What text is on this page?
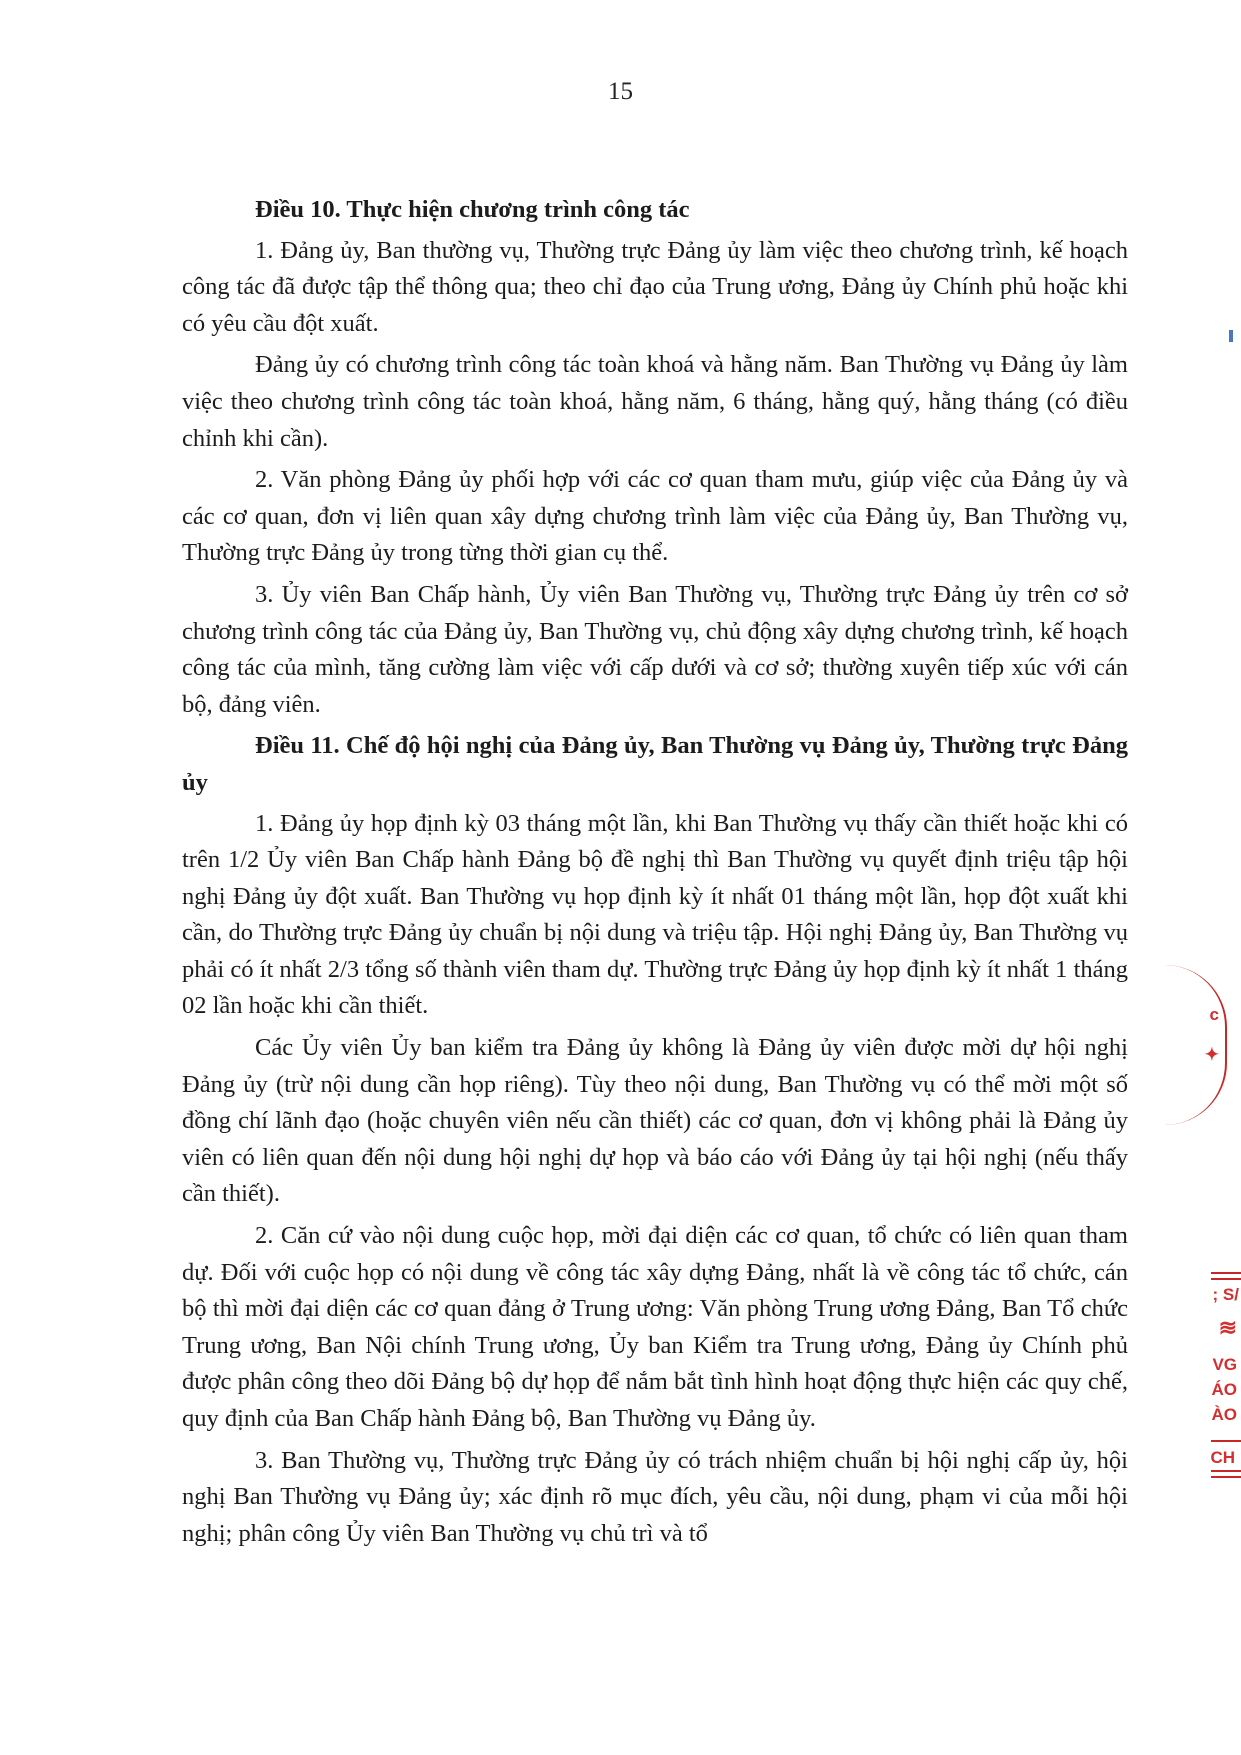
15

Điều 10. Thực hiện chương trình công tác

1. Đảng ủy, Ban thường vụ, Thường trực Đảng ủy làm việc theo chương trình, kế hoạch công tác đã được tập thể thông qua; theo chỉ đạo của Trung ương, Đảng ủy Chính phủ hoặc khi có yêu cầu đột xuất.

Đảng ủy có chương trình công tác toàn khoá và hằng năm. Ban Thường vụ Đảng ủy làm việc theo chương trình công tác toàn khoá, hằng năm, 6 tháng, hằng quý, hằng tháng (có điều chỉnh khi cần).

2. Văn phòng Đảng ủy phối hợp với các cơ quan tham mưu, giúp việc của Đảng ủy và các cơ quan, đơn vị liên quan xây dựng chương trình làm việc của Đảng ủy, Ban Thường vụ, Thường trực Đảng ủy trong từng thời gian cụ thể.

3. Ủy viên Ban Chấp hành, Ủy viên Ban Thường vụ, Thường trực Đảng ủy trên cơ sở chương trình công tác của Đảng ủy, Ban Thường vụ, chủ động xây dựng chương trình, kế hoạch công tác của mình, tăng cường làm việc với cấp dưới và cơ sở; thường xuyên tiếp xúc với cán bộ, đảng viên.

Điều 11. Chế độ hội nghị của Đảng ủy, Ban Thường vụ Đảng ủy, Thường trực Đảng ủy

1. Đảng ủy họp định kỳ 03 tháng một lần, khi Ban Thường vụ thấy cần thiết hoặc khi có trên 1/2 Ủy viên Ban Chấp hành Đảng bộ đề nghị thì Ban Thường vụ quyết định triệu tập hội nghị Đảng ủy đột xuất. Ban Thường vụ họp định kỳ ít nhất 01 tháng một lần, họp đột xuất khi cần, do Thường trực Đảng ủy chuẩn bị nội dung và triệu tập. Hội nghị Đảng ủy, Ban Thường vụ phải có ít nhất 2/3 tổng số thành viên tham dự. Thường trực Đảng ủy họp định kỳ ít nhất 1 tháng 02 lần hoặc khi cần thiết.

Các Ủy viên Ủy ban kiểm tra Đảng ủy không là Đảng ủy viên được mời dự hội nghị Đảng ủy (trừ nội dung cần họp riêng). Tùy theo nội dung, Ban Thường vụ có thể mời một số đồng chí lãnh đạo (hoặc chuyên viên nếu cần thiết) các cơ quan, đơn vị không phải là Đảng ủy viên có liên quan đến nội dung hội nghị dự họp và báo cáo với Đảng ủy tại hội nghị (nếu thấy cần thiết).

2. Căn cứ vào nội dung cuộc họp, mời đại diện các cơ quan, tổ chức có liên quan tham dự. Đối với cuộc họp có nội dung về công tác xây dựng Đảng, nhất là về công tác tổ chức, cán bộ thì mời đại diện các cơ quan đảng ở Trung ương: Văn phòng Trung ương Đảng, Ban Tổ chức Trung ương, Ban Nội chính Trung ương, Ủy ban Kiểm tra Trung ương, Đảng ủy Chính phủ được phân công theo dõi Đảng bộ dự họp để nắm bắt tình hình hoạt động thực hiện các quy chế, quy định của Ban Chấp hành Đảng bộ, Ban Thường vụ Đảng ủy.

3. Ban Thường vụ, Thường trực Đảng ủy có trách nhiệm chuẩn bị hội nghị cấp ủy, hội nghị Ban Thường vụ Đảng ủy; xác định rõ mục đích, yêu cầu, nội dung, phạm vi của mỗi hội nghị; phân công Ủy viên Ban Thường vụ chủ trì và tổ

c
✦
; S/
≋
VG
ÁO
ÀO
CH
